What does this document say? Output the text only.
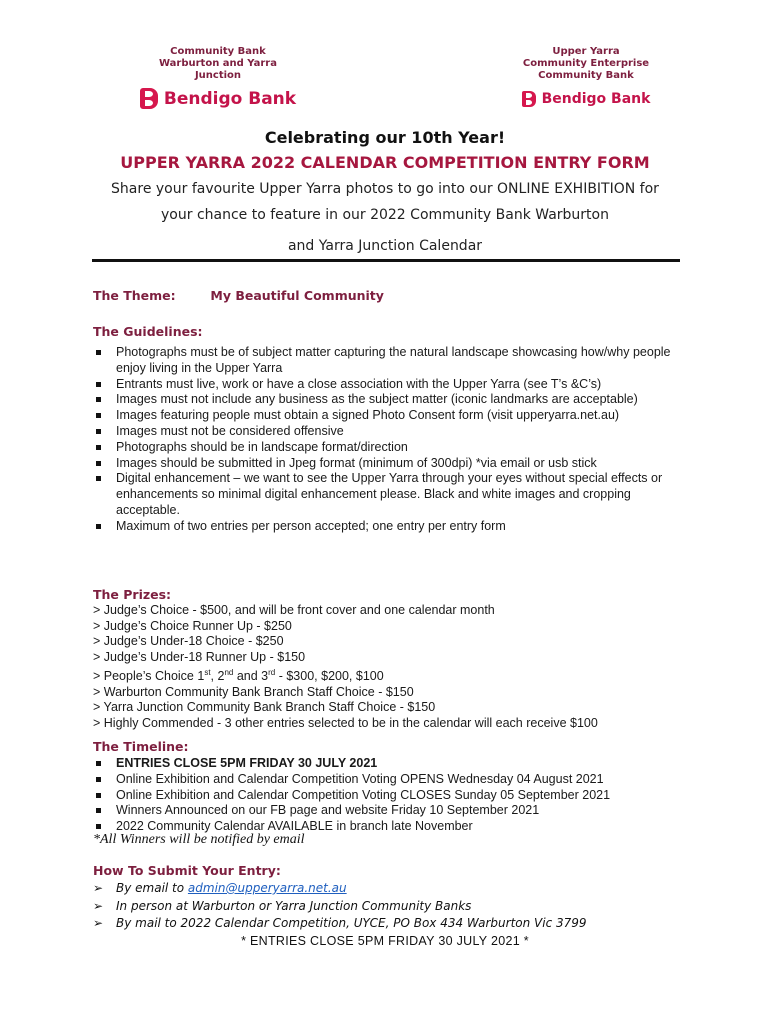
Community Bank
Warburton and Yarra Junction
Bendigo Bank
Upper Yarra
Community Enterprise
Community Bank
Bendigo Bank
Celebrating our 10th Year!
UPPER YARRA 2022 CALENDAR COMPETITION ENTRY FORM
Share your favourite Upper Yarra photos to go into our ONLINE EXHIBITION for
your chance to feature in our 2022 Community Bank Warburton
and Yarra Junction Calendar
The Theme:	My Beautiful Community
The Guidelines:
Photographs must be of subject matter capturing the natural landscape showcasing how/why people enjoy living in the Upper Yarra
Entrants must live, work or have a close association with the Upper Yarra (see T’s &C’s)
Images must not include any business as the subject matter (iconic landmarks are acceptable)
Images featuring people must obtain a signed Photo Consent form (visit upperyarra.net.au)
Images must not be considered offensive
Photographs should be in landscape format/direction
Images should be submitted in Jpeg format (minimum of 300dpi) *via email or usb stick
Digital enhancement – we want to see the Upper Yarra through your eyes without special effects or enhancements so minimal digital enhancement please. Black and white images and cropping acceptable.
Maximum of two entries per person accepted; one entry per entry form
The Prizes:
> Judge’s Choice - $500, and will be front cover and one calendar month
> Judge’s Choice Runner Up - $250
> Judge’s Under-18 Choice - $250
> Judge’s Under-18 Runner Up - $150
> People’s Choice 1st, 2nd and 3rd - $300, $200, $100
> Warburton Community Bank Branch Staff Choice - $150
> Yarra Junction Community Bank Branch Staff Choice - $150
> Highly Commended - 3 other entries selected to be in the calendar will each receive $100
The Timeline:
ENTRIES CLOSE 5PM FRIDAY 30 JULY 2021
Online Exhibition and Calendar Competition Voting OPENS Wednesday 04 August 2021
Online Exhibition and Calendar Competition Voting CLOSES Sunday 05 September 2021
Winners Announced on our FB page and website Friday 10 September 2021
2022 Community Calendar AVAILABLE in branch late November
*All Winners will be notified by email
How To Submit Your Entry:
➢ By email to admin@upperyarra.net.au
➢ In person at Warburton or Yarra Junction Community Banks
➢ By mail to 2022 Calendar Competition, UYCE, PO Box 434 Warburton Vic 3799
* ENTRIES CLOSE 5PM FRIDAY 30 JULY 2021 *
